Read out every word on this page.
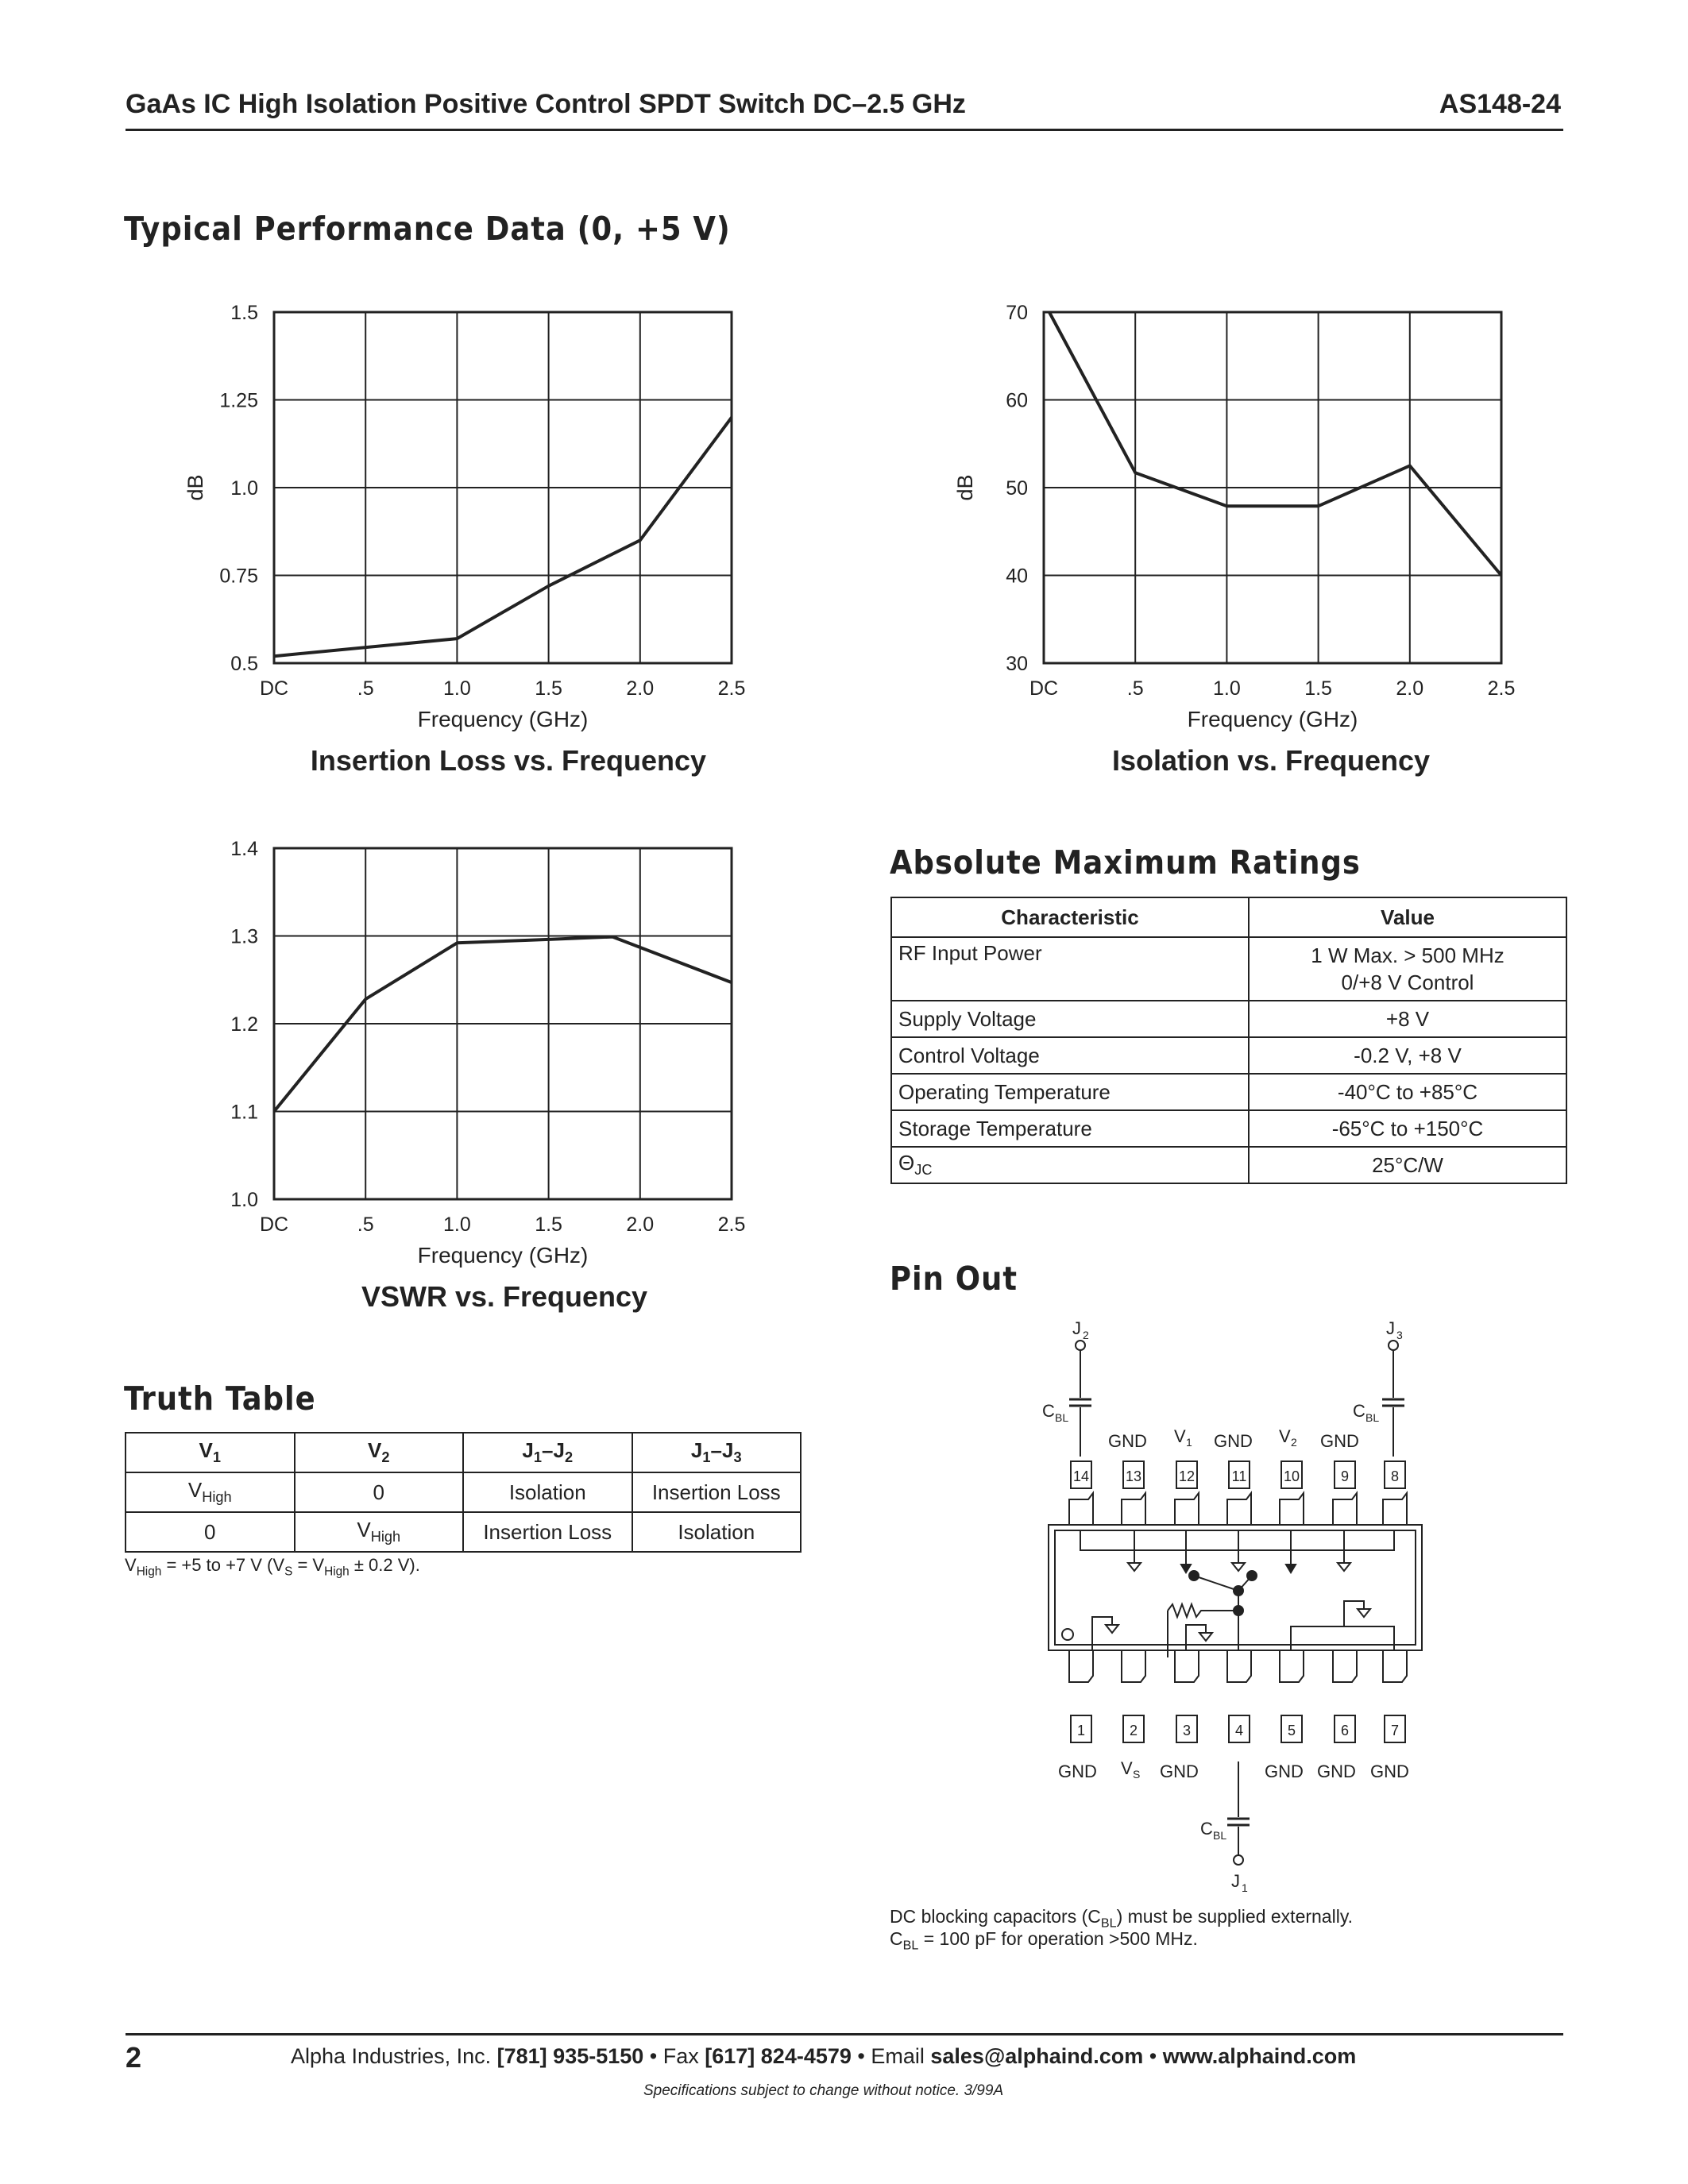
GaAs IC High Isolation Positive Control SPDT Switch DC–2.5 GHz	AS148-24
Typical Performance Data (0, +5 V)
DC	.5	1.0	1.5	2.0	2.5
0.5
0.75
1.0
1.25
1.5
dB
Frequency (GHz)
Insertion Loss vs. Frequency
DC	.5	1.0	1.5	2.0	2.5
30
40
50
60
70
dB
Frequency (GHz)
Isolation vs. Frequency
DC	.5	1.0	1.5	2.0	2.5
1.0
1.1
1.2
1.3
1.4
Frequency (GHz)
VSWR vs. Frequency
Absolute Maximum Ratings
Characteristic	Value
RF Input Power	1 W Max. > 500 MHz
0/+8 V Control
Supply Voltage	+8 V
Control Voltage	-0.2 V, +8 V
Operating Temperature	-40°C to +85°C
Storage Temperature	-65°C to +150°C
$\Theta_{JC}$	25°C/W
Truth Table
$V_1$	$V_2$	$J_1-J_2$	$J_1-J_3$
$V_{High}$	0	Isolation	Insertion Loss
0	$V_{High}$	Insertion Loss	Isolation
$V_{High} = +5$ to +7 V ($V_S = V_{High} \pm 0.2$ V).
Pin Out
J 2
C BL
J 3
C BL
GND V 1 GND V 2 GND
14	13	12	11	10	9	8
1	2	3	4	5	6	7
GND V S GND	GND GND GND
C BL
J 1
DC blocking capacitors $(C_{BL})$ must be supplied externally.
$C_{BL} = 100$ pF for operation >500 MHz.
2	Alpha Industries, Inc. [781] 935-5150 • Fax [617] 824-4579 • Email sales@alphaind.com • www.alphaind.com
Specifications subject to change without notice. 3/99A
